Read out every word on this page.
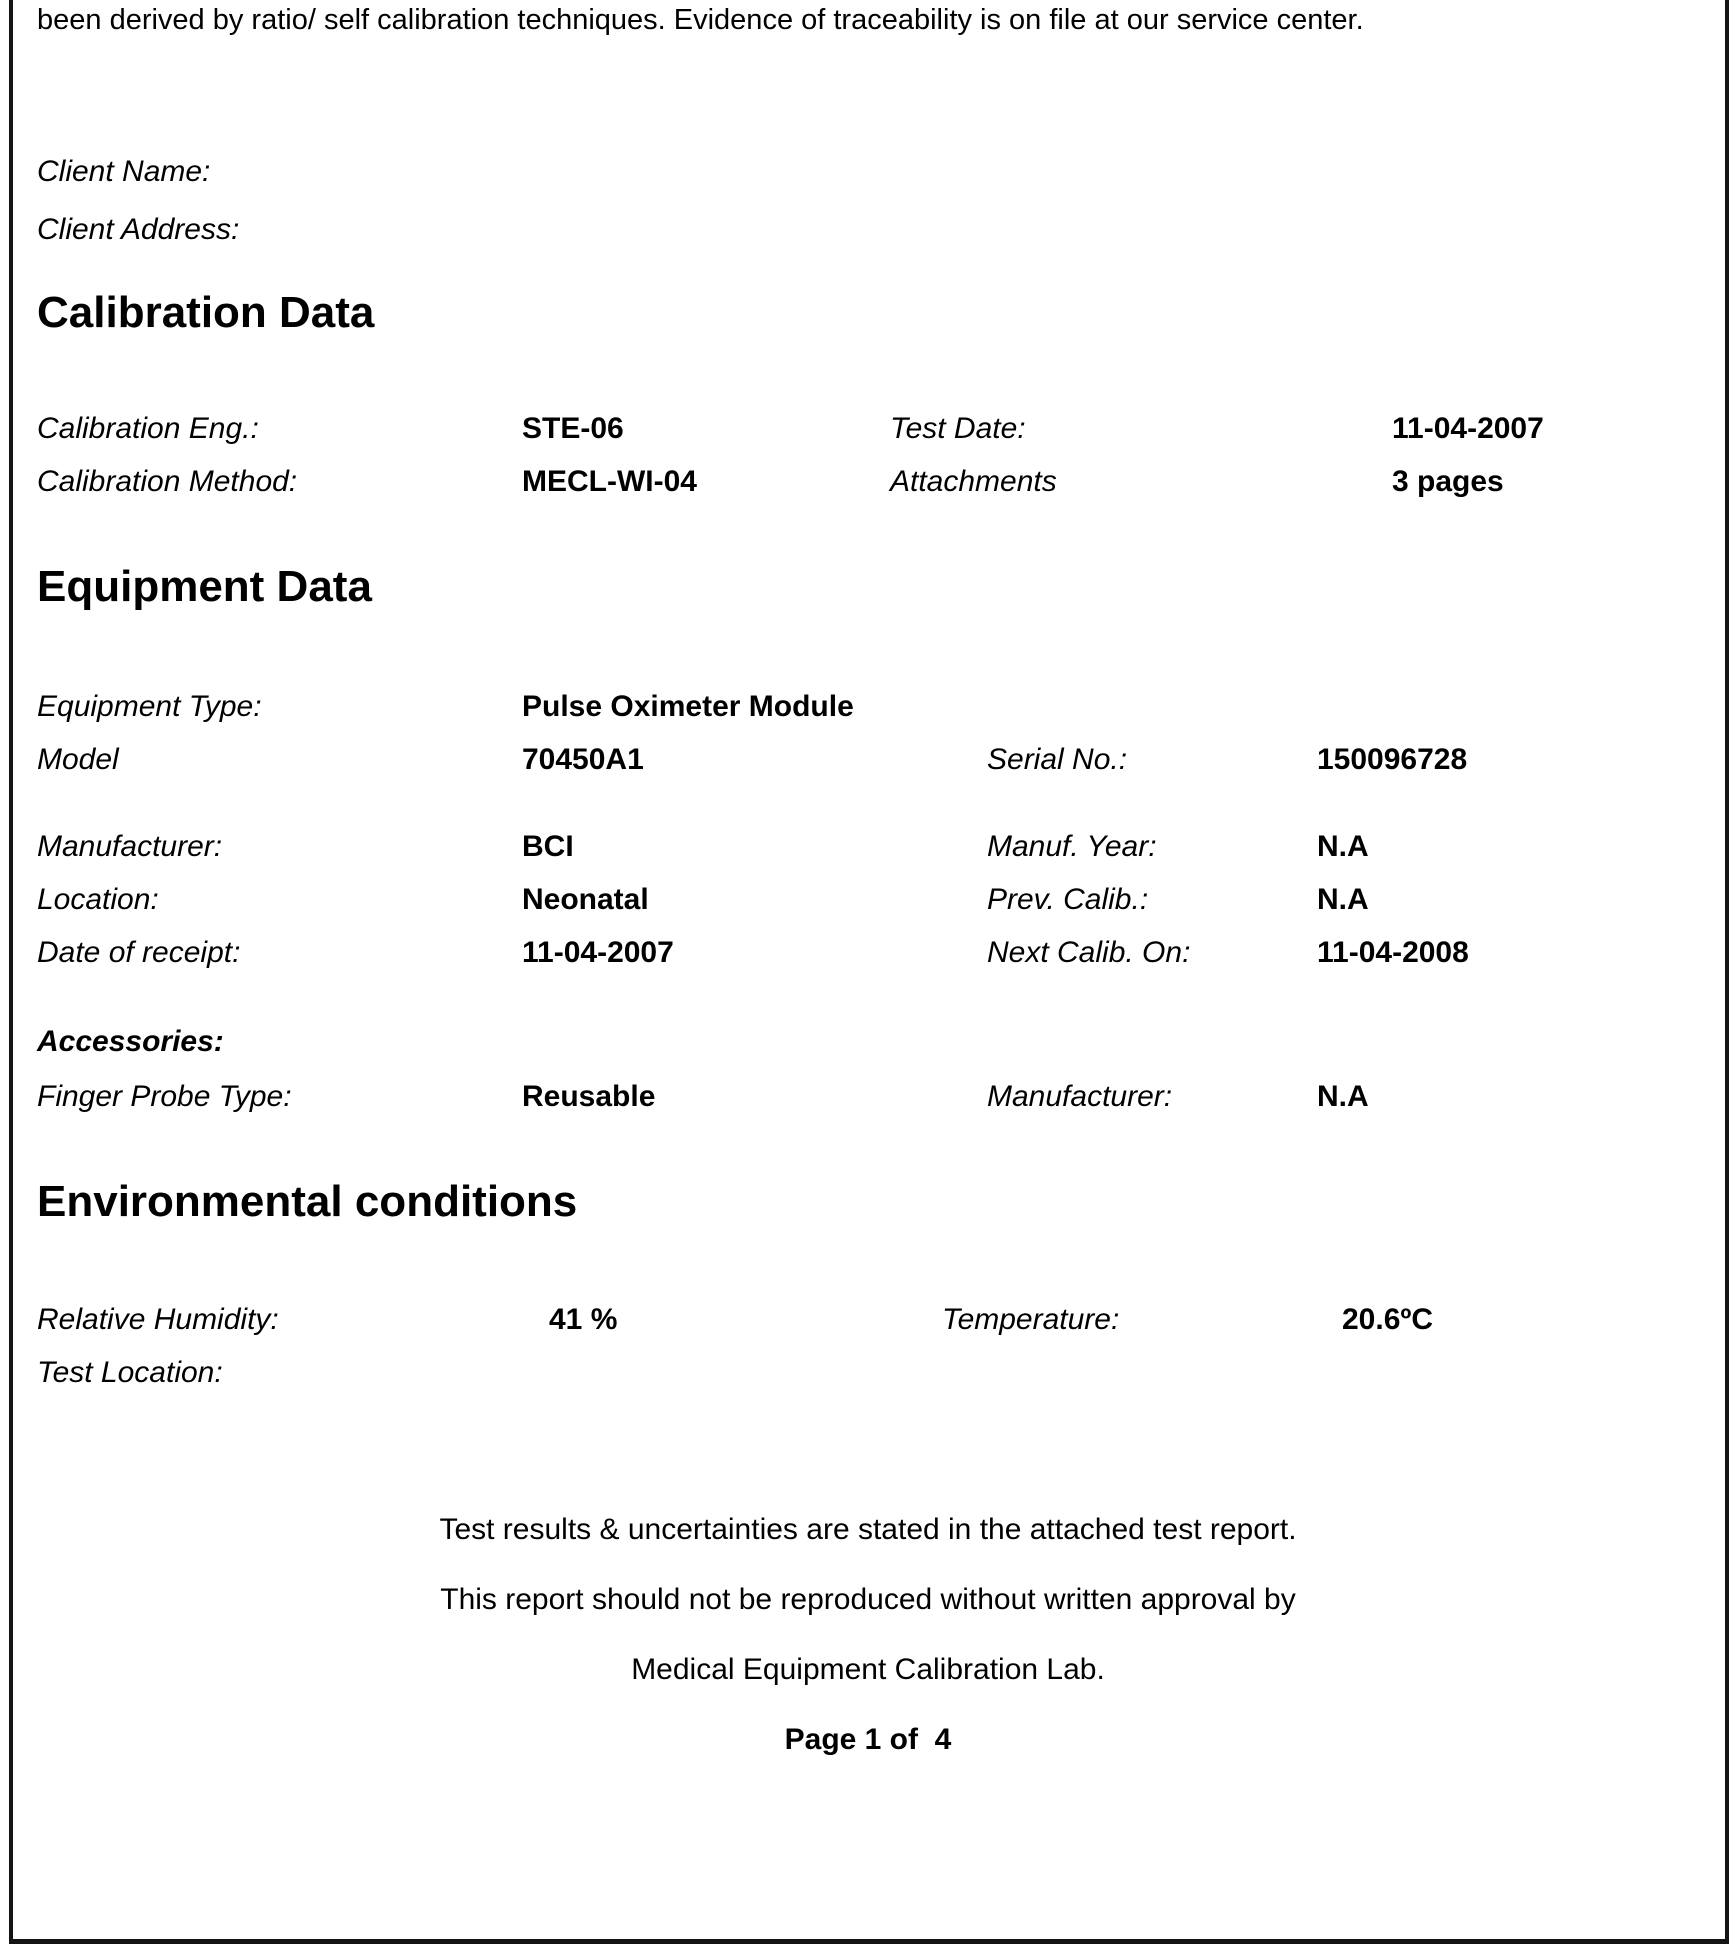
been derived by ratio/ self calibration techniques. Evidence of traceability is on file at our service center.

Client Name:

Client Address:

Calibration Data
Calibration Eng.:	STE-06	Test Date:	11-04-2007
Calibration Method:	MECL-WI-04	Attachments	3 pages
Equipment Data
Equipment Type:	Pulse Oximeter Module
Model	70450A1	Serial No.:	150096728
Manufacturer:	BCI	Manuf. Year:	N.A
Location:	Neonatal	Prev. Calib.:	N.A
Date of receipt:	11-04-2007	Next Calib. On:	11-04-2008

Accessories:

Finger Probe Type:	Reusable	Manufacturer:	N.A
Environmental conditions
Relative Humidity:	41 %	Temperature:	20.6ºC
Test Location:

Test results & uncertainties are stated in the attached test report.

This report should not be reproduced without written approval by

Medical Equipment Calibration Lab.

Page 1 of  4
